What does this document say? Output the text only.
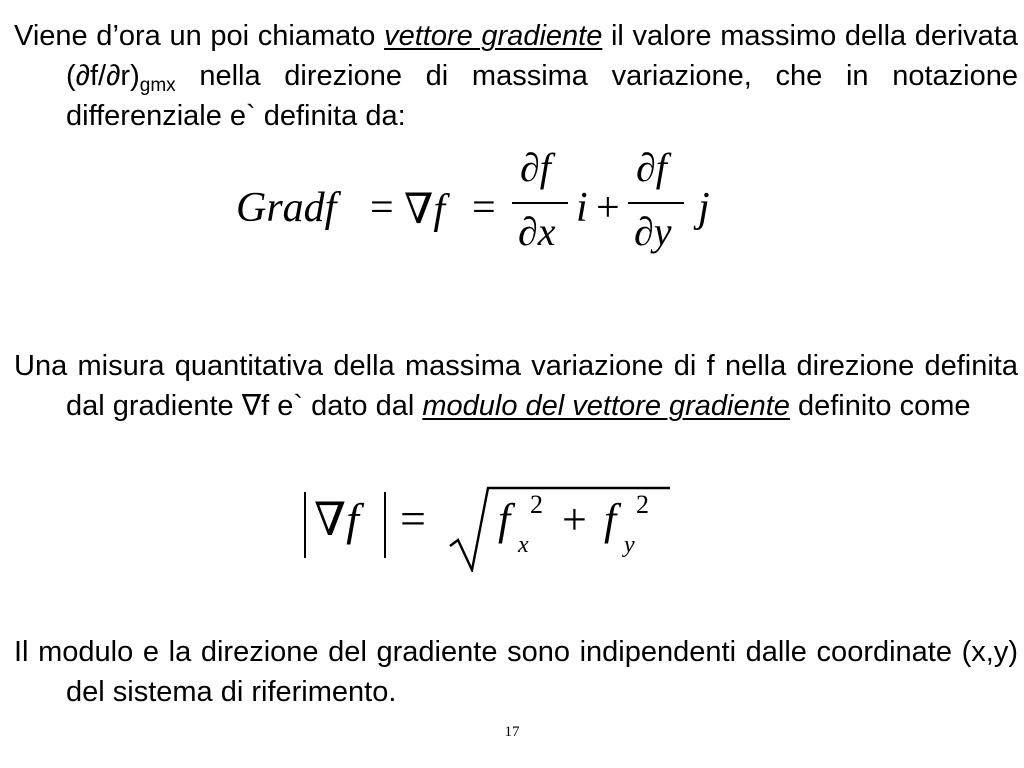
Viene d’ora un poi chiamato vettore gradiente il valore massimo della derivata $(\partial f/\partial r)_{gmx}$ nella direzione di massima variazione, che in notazione differenziale e` definita da:
Gradf = ∇f =
∂f
∂x
i +
∂f
∂y
j
Una misura quantitativa della massima variazione di f nella direzione definita dal gradiente ∇f e` dato dal modulo del vettore gradiente definito come
∇f = f
x
2 + f
y
2
Il modulo e la direzione del gradiente sono indipendenti dalle coordinate (x,y) del sistema di riferimento.
17
